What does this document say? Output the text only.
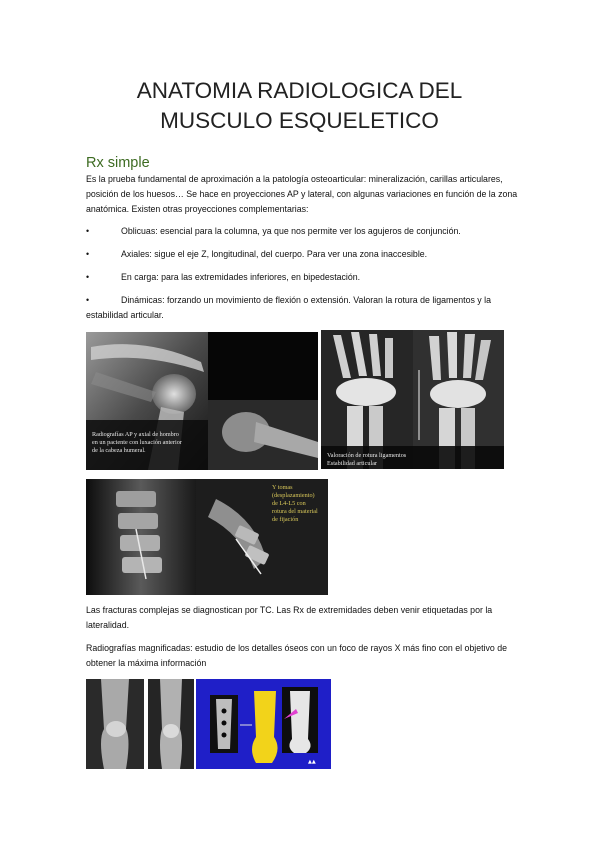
ANATOMIA RADIOLOGICA DEL
MUSCULO ESQUELETICO
Rx simple
Es la prueba fundamental de aproximación a la patología osteoarticular: mineralización, carillas articulares, posición de los huesos… Se hace en proyecciones AP y lateral, con algunas variaciones en función de la zona anatómica. Existen otras proyecciones complementarias:
•	Oblicuas: esencial para la columna, ya que nos permite ver los agujeros de conjunción.
•	Axiales: sigue el eje Z, longitudinal, del cuerpo. Para ver una zona inaccesible.
•	En carga: para las extremidades inferiores, en bipedestación.
•	Dinámicas: forzando un movimiento de flexión o extensión. Valoran la rotura de ligamentos y la estabilidad articular.
Radiografías AP y axial de hombro
en un paciente con luxación anterior
de la cabeza humeral.
Valoración de rotura ligamentos
Estabilidad articular
Y tomas
(desplazamiento)
de L4-L5 con
rotura del material
de fijación
Las fracturas complejas se diagnostican por TC. Las Rx de extremidades deben venir etiquetadas por la lateralidad.
Radiografías magnificadas: estudio de los detalles óseos con un foco de rayos X más fino con el objetivo de obtener la máxima información
▲▲
